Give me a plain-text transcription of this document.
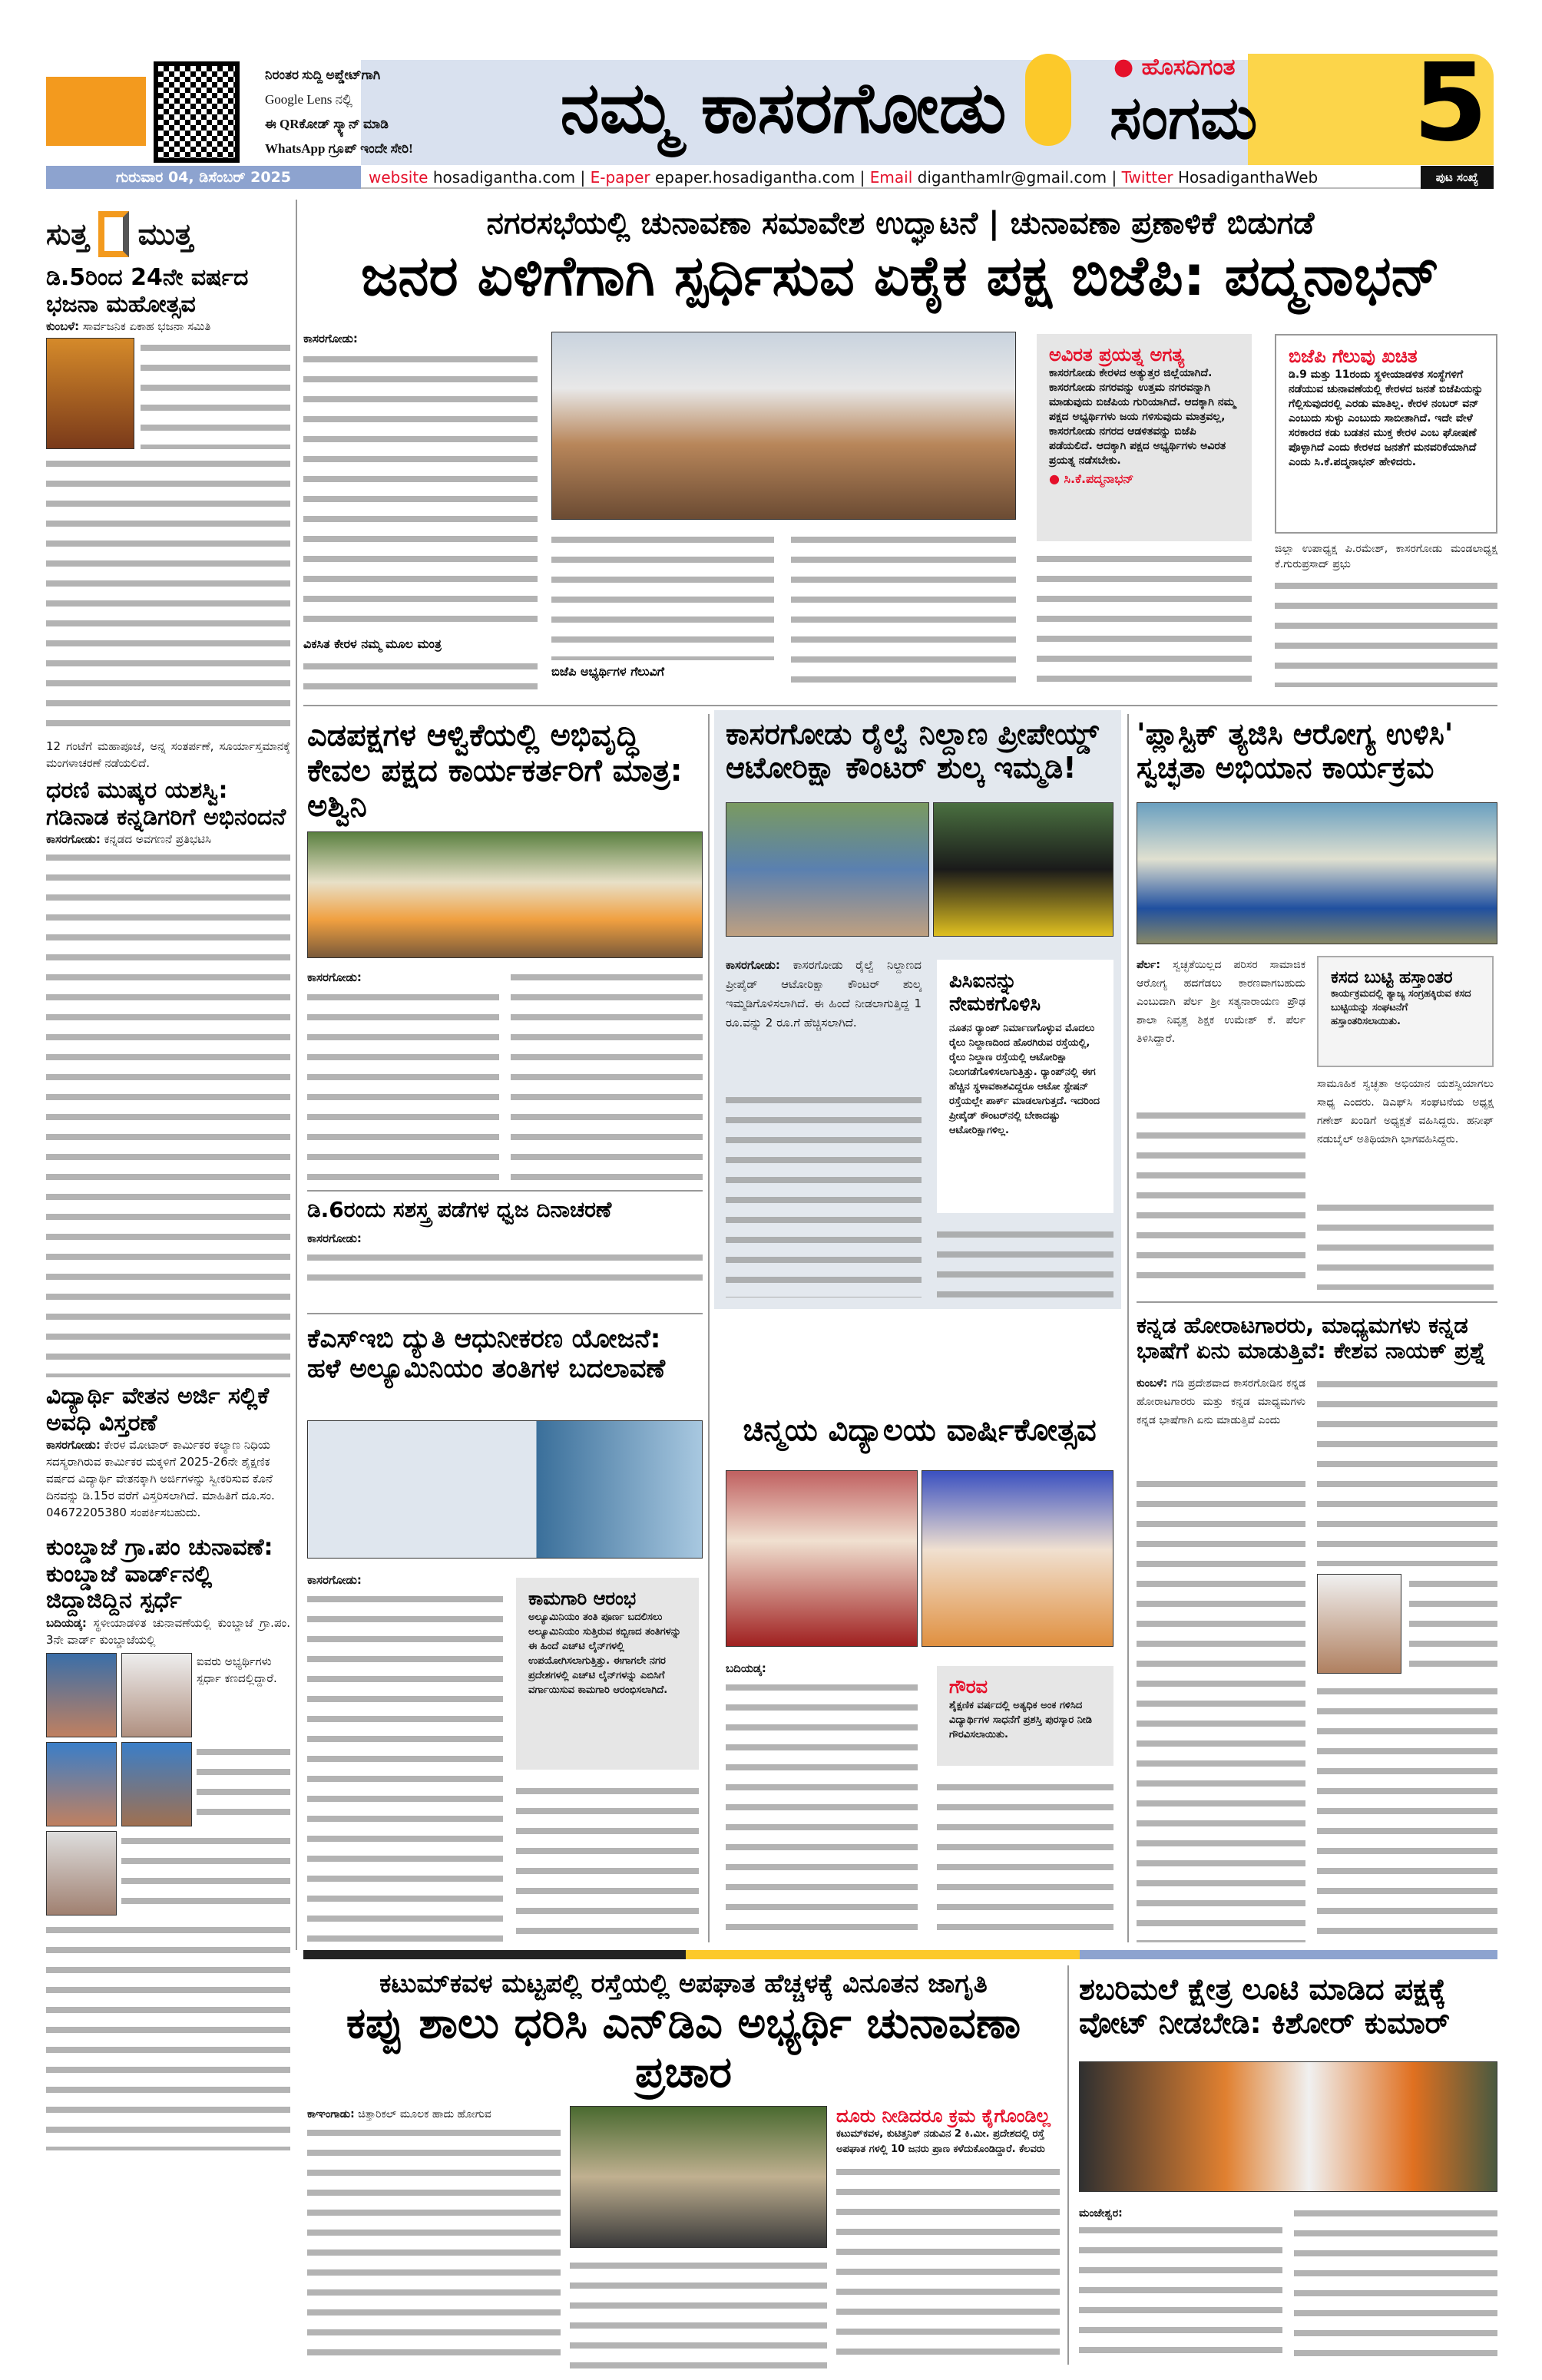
ನಿರಂತರ ಸುದ್ದಿ ಅಪ್ಡೇಟ್‌ಗಾಗಿ
Google Lens ನಲ್ಲಿ
ಈ QRಕೋಡ್ ಸ್ಕ್ಯಾನ್ ಮಾಡಿ
WhatsApp ಗ್ರೂಪ್ ಇಂದೇ ಸೇರಿ!	ನಮ್ಮ ಕಾಸರಗೋಡು	● ಹೊಸದಿಗಂತ
ಸಂಗಮ 5
ಗುರುವಾರ 04, ಡಿಸೆಂಬರ್ 2025	website hosadigantha.com | E-paper epaper.hosadigantha.com | Email diganthamlr@gmail.com | Twitter HosadiganthaWeb	ಪುಟ ಸಂಖ್ಯೆ
ಸುತ್ತ ಮುತ್ತ
ಡಿ.5ರಿಂದ 24ನೇ ವರ್ಷದ ಭಜನಾ ಮಹೋತ್ಸವ
ಕುಂಬಳೆ: ಸಾರ್ವಜನಿಕ ಏಕಾಹ ಭಜನಾ ಸಮಿತಿ
12 ಗಂಟೆಗೆ ಮಹಾಪೂಜೆ, ಅನ್ನ ಸಂತರ್ಪಣೆ, ಸೂರ್ಯಾಸ್ತಮಾನಕ್ಕೆ ಮಂಗಳಾಚರಣೆ ನಡೆಯಲಿದೆ.
ಧರಣಿ ಮುಷ್ಕರ ಯಶಸ್ವಿ: ಗಡಿನಾಡ ಕನ್ನಡಿಗರಿಗೆ ಅಭಿನಂದನೆ
ಕಾಸರಗೋಡು: ಕನ್ನಡದ ಅವಗಣನೆ ಪ್ರತಿಭಟಿಸಿ
ವಿದ್ಯಾರ್ಥಿ ವೇತನ ಅರ್ಜಿ ಸಲ್ಲಿಕೆ ಅವಧಿ ವಿಸ್ತರಣೆ
ಕಾಸರಗೋಡು: ಕೇರಳ ಮೋಟಾರ್ ಕಾರ್ಮಿಕರ ಕಲ್ಯಾಣ ನಿಧಿಯ ಸದಸ್ಯರಾಗಿರುವ ಕಾರ್ಮಿಕರ ಮಕ್ಕಳಿಗೆ 2025-26ನೇ ಶೈಕ್ಷಣಿಕ ವರ್ಷದ ವಿದ್ಯಾರ್ಥಿ ವೇತನಕ್ಕಾಗಿ ಅರ್ಜಿಗಳನ್ನು ಸ್ವೀಕರಿಸುವ ಕೊನೆ ದಿನವನ್ನು ಡಿ.15ರ ವರೆಗೆ ವಿಸ್ತರಿಸಲಾಗಿದೆ. ಮಾಹಿತಿಗೆ ದೂ.ಸಂ. 04672205380 ಸಂಪರ್ಕಿಸಬಹುದು.
ಕುಂಬ್ಡಾಜೆ ಗ್ರಾ.ಪಂ ಚುನಾವಣೆ: ಕುಂಬ್ಡಾಜೆ ವಾರ್ಡ್‌ನಲ್ಲಿ ಜಿದ್ದಾಜಿದ್ದಿನ ಸ್ಪರ್ಧೆ
ಬದಿಯಡ್ಕ: ಸ್ಥಳೀಯಾಡಳಿತ ಚುನಾವಣೆಯಲ್ಲಿ ಕುಂಬ್ಡಾಜೆ ಗ್ರಾ.ಪಂ. 3ನೇ ವಾರ್ಡ್ ಕುಂಬ್ಡಾಜೆಯಲ್ಲಿ
ಐವರು ಅಭ್ಯರ್ಥಿಗಳು ಸ್ಪರ್ಧಾ ಕಣದಲ್ಲಿದ್ದಾರೆ.
ನಗರಸಭೆಯಲ್ಲಿ ಚುನಾವಣಾ ಸಮಾವೇಶ ಉದ್ಘಾಟನೆ | ಚುನಾವಣಾ ಪ್ರಣಾಳಿಕೆ ಬಿಡುಗಡೆ
ಜನರ ಏಳಿಗೆಗಾಗಿ ಸ್ಪರ್ಧಿಸುವ ಏಕೈಕ ಪಕ್ಷ ಬಿಜೆಪಿ: ಪದ್ಮನಾಭನ್
ಕಾಸರಗೋಡು:
ವಿಕಸಿತ ಕೇರಳ ನಮ್ಮ ಮೂಲ ಮಂತ್ರ
ಬಿಜೆಪಿ ಅಭ್ಯರ್ಥಿಗಳ ಗೆಲುವಿಗೆ
ಅವಿರತ ಪ್ರಯತ್ನ ಅಗತ್ಯ
ಕಾಸರಗೋಡು ಕೇರಳದ ಅತ್ಯುತ್ತರ ಜಿಲ್ಲೆಯಾಗಿದೆ. ಕಾಸರಗೋಡು ನಗರವನ್ನು ಉತ್ತಮ ನಗರವನ್ನಾಗಿ ಮಾಡುವುದು ಬಿಜೆಪಿಯ ಗುರಿಯಾಗಿದೆ. ಆದಕ್ಕಾಗಿ ನಮ್ಮ ಪಕ್ಷದ ಅಭ್ಯರ್ಥಿಗಳು ಜಯ ಗಳಿಸುವುದು ಮಾತ್ರವಲ್ಲ, ಕಾಸರಗೋಡು ನಗರದ ಆಡಳಿತವನ್ನು ಬಿಜೆಪಿ ಪಡೆಯಲಿದೆ. ಆದಕ್ಕಾಗಿ ಪಕ್ಷದ ಅಭ್ಯರ್ಥಿಗಳು ಅವಿರತ ಪ್ರಯತ್ನ ನಡೆಸಬೇಕು.
● ಸಿ.ಕೆ.ಪದ್ಮನಾಭನ್
ಬಿಜೆಪಿ ಗೆಲುವು ಖಚಿತ
ಡಿ.9 ಮತ್ತು 11ರಂದು ಸ್ಥಳೀಯಾಡಳಿತ ಸಂಸ್ಥೆಗಳಿಗೆ ನಡೆಯುವ ಚುನಾವಣೆಯಲ್ಲಿ ಕೇರಳದ ಜನತೆ ಬಿಜೆಪಿಯನ್ನು ಗೆಲ್ಲಿಸುವುದರಲ್ಲಿ ಎರಡು ಮಾತಿಲ್ಲ. ಕೇರಳ ನಂಬರ್ ವನ್ ಎಂಬುದು ಸುಳ್ಳು ಎಂಬುದು ಸಾಬೀತಾಗಿದೆ. ಇದೇ ವೇಳೆ ಸರಕಾರದ ಕಡು ಬಡತನ ಮುಕ್ತ ಕೇರಳ ಎಂಬ ಘೋಷಣೆ ಪೊಳ್ಳಾಗಿದೆ ಎಂದು ಕೇರಳದ ಜನತೆಗೆ ಮನವರಿಕೆಯಾಗಿದೆ ಎಂದು ಸಿ.ಕೆ.ಪದ್ಮನಾಭನ್ ಹೇಳಿದರು.
ಜಿಲ್ಲಾ ಉಪಾಧ್ಯಕ್ಷ ಪಿ.ರಮೇಶ್, ಕಾಸರಗೋಡು ಮಂಡಲಾಧ್ಯಕ್ಷ ಕೆ.ಗುರುಪ್ರಸಾದ್ ಪ್ರಭು
ಎಡಪಕ್ಷಗಳ ಆಳ್ವಿಕೆಯಲ್ಲಿ ಅಭಿವೃದ್ಧಿ ಕೇವಲ ಪಕ್ಷದ ಕಾರ್ಯಕರ್ತರಿಗೆ ಮಾತ್ರ: ಅಶ್ವಿನಿ
ಕಾಸರಗೋಡು:
ಡಿ.6ರಂದು ಸಶಸ್ತ್ರ ಪಡೆಗಳ ಧ್ವಜ ದಿನಾಚರಣೆ
ಕಾಸರಗೋಡು:
ಕಾಸರಗೋಡು ರೈಲ್ವೆ ನಿಲ್ದಾಣ ಪ್ರೀಪೇಯ್ಡ್ ಆಟೋರಿಕ್ಷಾ ಕೌಂಟರ್ ಶುಲ್ಕ ಇಮ್ಮಡಿ!
ಕಾಸರಗೋಡು: ಕಾಸರಗೋಡು ರೈಲ್ವೆ ನಿಲ್ದಾಣದ ಪ್ರೀಪೈಡ್ ಆಟೋರಿಕ್ಷಾ ಕೌಂಟರ್ ಶುಲ್ಕ ಇಮ್ಮಡಿಗೊಳಿಸಲಾಗಿದೆ. ಈ ಹಿಂದೆ ನೀಡಲಾಗುತ್ತಿದ್ದ 1 ರೂ.ವನ್ನು 2 ರೂ.ಗೆ ಹೆಚ್ಚಿಸಲಾಗಿದೆ.
ಪಿಸಿಐನನ್ನು ನೇಮಕಗೊಳಿಸಿ
ನೂತನ ರ್‍ಯಾಂಪ್ ನಿರ್ಮಾಣಗೊಳ್ಳುವ ಮೊದಲು ರೈಲು ನಿಲ್ದಾಣದಿಂದ ಹೊರಗಿರುವ ರಸ್ತೆಯಲ್ಲಿ, ರೈಲು ನಿಲ್ದಾಣ ರಸ್ತೆಯಲ್ಲಿ ಆಟೋರಿಕ್ಷಾ ನಿಲುಗಡೆಗೊಳಿಸಲಾಗುತ್ತಿತ್ತು. ರ್‍ಯಾಂಪ್‌ನಲ್ಲಿ ಈಗ ಹೆಚ್ಚಿನ ಸ್ಥಳಾವಕಾಶವಿದ್ದರೂ ಆಟೋ ಸ್ಟೇಷನ್ ರಸ್ತೆಯಲ್ಲೇ ಪಾರ್ಕ್ ಮಾಡಲಾಗುತ್ತದೆ. ಇದರಿಂದ ಪ್ರೀಪೈಡ್ ಕೌಂಟರ್‌ನಲ್ಲಿ ಬೇಕಾದಷ್ಟು ಆಟೋರಿಕ್ಷಾಗಳಿಲ್ಲ.
'ಪ್ಲಾಸ್ಟಿಕ್ ತ್ಯಜಿಸಿ ಆರೋಗ್ಯ ಉಳಿಸಿ' ಸ್ವಚ್ಛತಾ ಅಭಿಯಾನ ಕಾರ್ಯಕ್ರಮ
ಪೆರ್ಲ: ಸ್ವಚ್ಛತೆಯಿಲ್ಲದ ಪರಿಸರ ಸಾಮಾಜಿಕ ಆರೋಗ್ಯ ಹದಗೆಡಲು ಕಾರಣವಾಗಬಹುದು ಎಂಬುದಾಗಿ ಪೆರ್ಲ ಶ್ರೀ ಸತ್ಯನಾರಾಯಣ ಪ್ರೌಢ ಶಾಲಾ ನಿವೃತ್ತ ಶಿಕ್ಷಕ ಉಮೇಶ್ ಕೆ. ಪೆರ್ಲ ತಿಳಿಸಿದ್ದಾರೆ.
ಕಸದ ಬುಟ್ಟಿ ಹಸ್ತಾಂತರ
ಕಾರ್ಯಕ್ರಮದಲ್ಲಿ ತ್ಯಾಜ್ಯ ಸಂಗ್ರಹಕ್ಕಿರುವ ಕಸದ ಬುಟ್ಟಿಯನ್ನು ಸಂಘಟನೆಗೆ ಹಸ್ತಾಂತರಿಸಲಾಯಿತು.
ಸಾಮೂಹಿಕ ಸ್ವಚ್ಛತಾ ಅಭಿಯಾನ ಯಶಸ್ವಿಯಾಗಲು ಸಾಧ್ಯ ಎಂದರು. ಡಿಎಫ್‌ಸಿ ಸಂಘಟನೆಯ ಅಧ್ಯಕ್ಷ ಗಣೇಶ್ ಖಂಡಿಗೆ ಅಧ್ಯಕ್ಷತೆ ವಹಿಸಿದ್ದರು. ಹನೀಫ್ ನಡುಬೈಲ್ ಅತಿಥಿಯಾಗಿ ಭಾಗವಹಿಸಿದ್ದರು.
ಕೆಎಸ್‌ಇಬಿ ದ್ಯುತಿ ಆಧುನೀಕರಣ ಯೋಜನೆ: ಹಳೆ ಅಲ್ಯೂಮಿನಿಯಂ ತಂತಿಗಳ ಬದಲಾವಣೆ
ಕಾಸರಗೋಡು:
ಕಾಮಗಾರಿ ಆರಂಭ
ಅಲ್ಯೂಮಿನಿಯಂ ತಂತಿ ಪೂರ್ಣ ಬದಲಿಸಲು ಅಲ್ಯೂಮಿನಿಯಂ ಸುತ್ತಿರುವ ಕಬ್ಬಿಣದ ತಂತಿಗಳನ್ನು ಈ ಹಿಂದೆ ಎಚ್‌ಟಿ ಲೈನ್‌ಗಳಲ್ಲಿ ಉಪಯೋಗಿಸಲಾಗುತ್ತಿತ್ತು. ಈಗಾಗಲೇ ನಗರ ಪ್ರದೇಶಗಳಲ್ಲಿ ಎಚ್‌ಟಿ ಲೈನ್‌ಗಳನ್ನು ಎಬಿಸಿಗೆ ವರ್ಗಾಯಿಸುವ ಕಾಮಗಾರಿ ಆರಂಭಿಸಲಾಗಿದೆ.
ಚಿನ್ಮಯ ವಿದ್ಯಾಲಯ ವಾರ್ಷಿಕೋತ್ಸವ
ಬದಿಯಡ್ಕ:
ಗೌರವ
ಶೈಕ್ಷಣಿಕ ವರ್ಷದಲ್ಲಿ ಅತ್ಯಧಿಕ ಅಂಕ ಗಳಿಸಿದ ವಿದ್ಯಾರ್ಥಿಗಳ ಸಾಧನೆಗೆ ಪ್ರಶಸ್ತಿ ಪುರಸ್ಕಾರ ನೀಡಿ ಗೌರವಿಸಲಾಯಿತು.
ಕನ್ನಡ ಹೋರಾಟಗಾರರು, ಮಾಧ್ಯಮಗಳು ಕನ್ನಡ ಭಾಷೆಗೆ ಏನು ಮಾಡುತ್ತಿವೆ: ಕೇಶವ ನಾಯಕ್ ಪ್ರಶ್ನೆ
ಕುಂಬಳೆ: ಗಡಿ ಪ್ರದೇಶವಾದ ಕಾಸರಗೋಡಿನ ಕನ್ನಡ ಹೋರಾಟಗಾರರು ಮತ್ತು ಕನ್ನಡ ಮಾಧ್ಯಮಗಳು ಕನ್ನಡ ಭಾಷೆಗಾಗಿ ಏನು ಮಾಡುತ್ತಿವೆ ಎಂದು
ಕಟುಮ್‌ಕವಳ ಮಟ್ಟಪಲ್ಲಿ ರಸ್ತೆಯಲ್ಲಿ ಅಪಘಾತ ಹೆಚ್ಚಳಕ್ಕೆ ವಿನೂತನ ಜಾಗೃತಿ
ಕಪ್ಪು ಶಾಲು ಧರಿಸಿ ಎನ್‌ಡಿಎ ಅಭ್ಯರ್ಥಿ ಚುನಾವಣಾ ಪ್ರಚಾರ
ಕಾಞಂಗಾಡು: ಚಿತ್ತಾರಿಕಲ್ ಮೂಲಕ ಹಾದು ಹೋಗುವ	ದೂರು ನೀಡಿದರೂ ಕ್ರಮ ಕೈಗೊಂಡಿಲ್ಲ
ಕಟುಮ್‌ಕವಳ, ಕುಟಿತ್ತನಿಕ್ ನಡುವಿನ 2 ಕಿ.ಮೀ. ಪ್ರದೇಶದಲ್ಲಿ ರಸ್ತೆ ಅಪಘಾತ ಗಳಲ್ಲಿ 10 ಜನರು ಪ್ರಾಣ ಕಳೆದುಕೊಂಡಿದ್ದಾರೆ. ಕೆಲವರು
ಶಬರಿಮಲೆ ಕ್ಷೇತ್ರ ಲೂಟಿ ಮಾಡಿದ ಪಕ್ಷಕ್ಕೆ ವೋಟ್ ನೀಡಬೇಡಿ: ಕಿಶೋರ್ ಕುಮಾರ್
ಮಂಜೇಶ್ವರ:
